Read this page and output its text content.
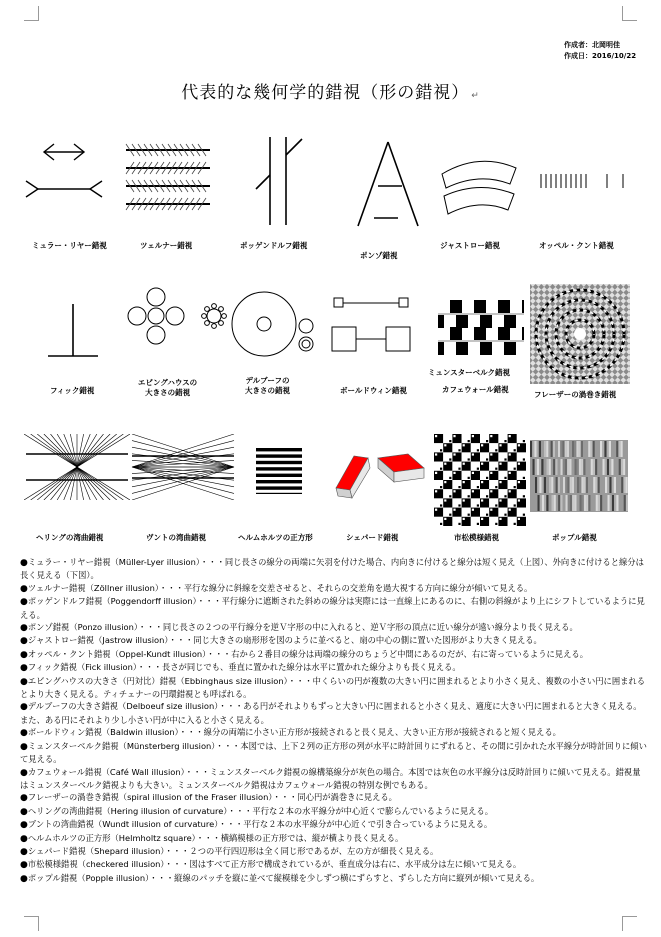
作成者：北岡明佳
作成日：2016/10/22
代表的な幾何学的錯視（形の錯視） ↵
ミュラー・リヤー錯視	ツェルナー錯視	ポッゲンドルフ錯視
ポンゾ錯視
ジャストロー錯視	オッペル・クント錯視
フィック錯視
エビングハウスの
大きさの錯視
デルブーフの
大きさの錯視	ボールドウィン錯視
ミュンスターベルク錯視
カフェウォール錯視
フレーザーの渦巻き錯視
ヘリングの湾曲錯視	ヴントの湾曲錯視	ヘルムホルツの正方形	シェパード錯視	市松模様錯視	ポップル錯視

●ミュラー・リヤー錯視（Müller-Lyer illusion）・・・同じ長さの線分の両端に矢羽を付けた場合、内向きに付けると線分は短く見え（上図）、外向きに付けると線分は長く見える（下図）。

●ツェルナー錯視（Zöllner illusion）・・・平行な線分に斜線を交差させると、それらの交差角を過大視する方向に線分が傾いて見える。

●ポッゲンドルフ錯視（Poggendorff illusion）・・・平行線分に遮断された斜めの線分は実際には一直線上にあるのに、右側の斜線がより上にシフトしているように見える。

●ポンゾ錯視（Ponzo illusion）・・・同じ長さの２つの平行線分を逆Ｖ字形の中に入れると、逆Ｖ字形の頂点に近い線分が遠い線分より長く見える。

●ジャストロー錯視（Jastrow illusion）・・・同じ大きさの扇形形を図のように並べると、扇の中心の側に置いた図形がより大きく見える。

●オッペル・クント錯視（Oppel-Kundt illusion）・・・右から２番目の線分は両端の線分のちょうど中間にあるのだが、右に寄っているように見える。

●フィック錯視（Fick illusion）・・・長さが同じでも、垂直に置かれた線分は水平に置かれた線分よりも長く見える。

●エビングハウスの大きさ（円対比）錯視（Ebbinghaus size illusion）・・・中くらいの円が複数の大きい円に囲まれるとより小さく見え、複数の小さい円に囲まれるとより大きく見える。ティチェナーの円環錯視とも呼ばれる。

●デルブーフの大きさ錯視（Delboeuf size illusion）・・・ある円がそれよりもずっと大きい円に囲まれると小さく見え、適度に大きい円に囲まれると大きく見える。また、ある円にそれより少し小さい円が中に入ると小さく見える。

●ボールドウィン錯視（Baldwin illusion）・・・線分の両端に小さい正方形が接続されると長く見え、大きい正方形が接続されると短く見える。

●ミュンスターベルク錯視（Münsterberg illusion）・・・本図では、上下２列の正方形の列が水平に時計回りにずれると、その間に引かれた水平線分が時計回りに傾いて見える。

●カフェウォール錯視（Café Wall illusion）・・・ミュンスターベルク錯視の線構築線分が灰色の場合。本図では灰色の水平線分は反時計回りに傾いて見える。錯視量はミュンスターベルク錯視よりも大きい。ミュンスターベルク錯視はカフェウォール錯視の特別な例でもある。

●フレーザーの渦巻き錯視（spiral illusion of the Fraser illusion）・・・同心円が渦巻きに見える。

●ヘリングの湾曲錯視（Hering illusion of curvature）・・・平行な２本の水平線分が中心近くで膨らんでいるように見える。

●ブントの湾曲錯視（Wundt illusion of curvature）・・・平行な２本の水平線分が中心近くで引き合っているように見える。

●ヘルムホルツの正方形（Helmholtz square）・・・横縞模様の正方形では、縦が横より長く見える。

●シェパード錯視（Shepard illusion）・・・２つの平行四辺形は全く同じ形であるが、左の方が細長く見える。

●市松模様錯視（checkered illusion）・・・図はすべて正方形で構成されているが、垂直成分は右に、水平成分は左に傾いて見える。

●ポップル錯視（Popple illusion）・・・縦線のパッチを縦に並べて縦模様を少しずつ横にずらすと、ずらした方向に縦列が傾いて見える。
